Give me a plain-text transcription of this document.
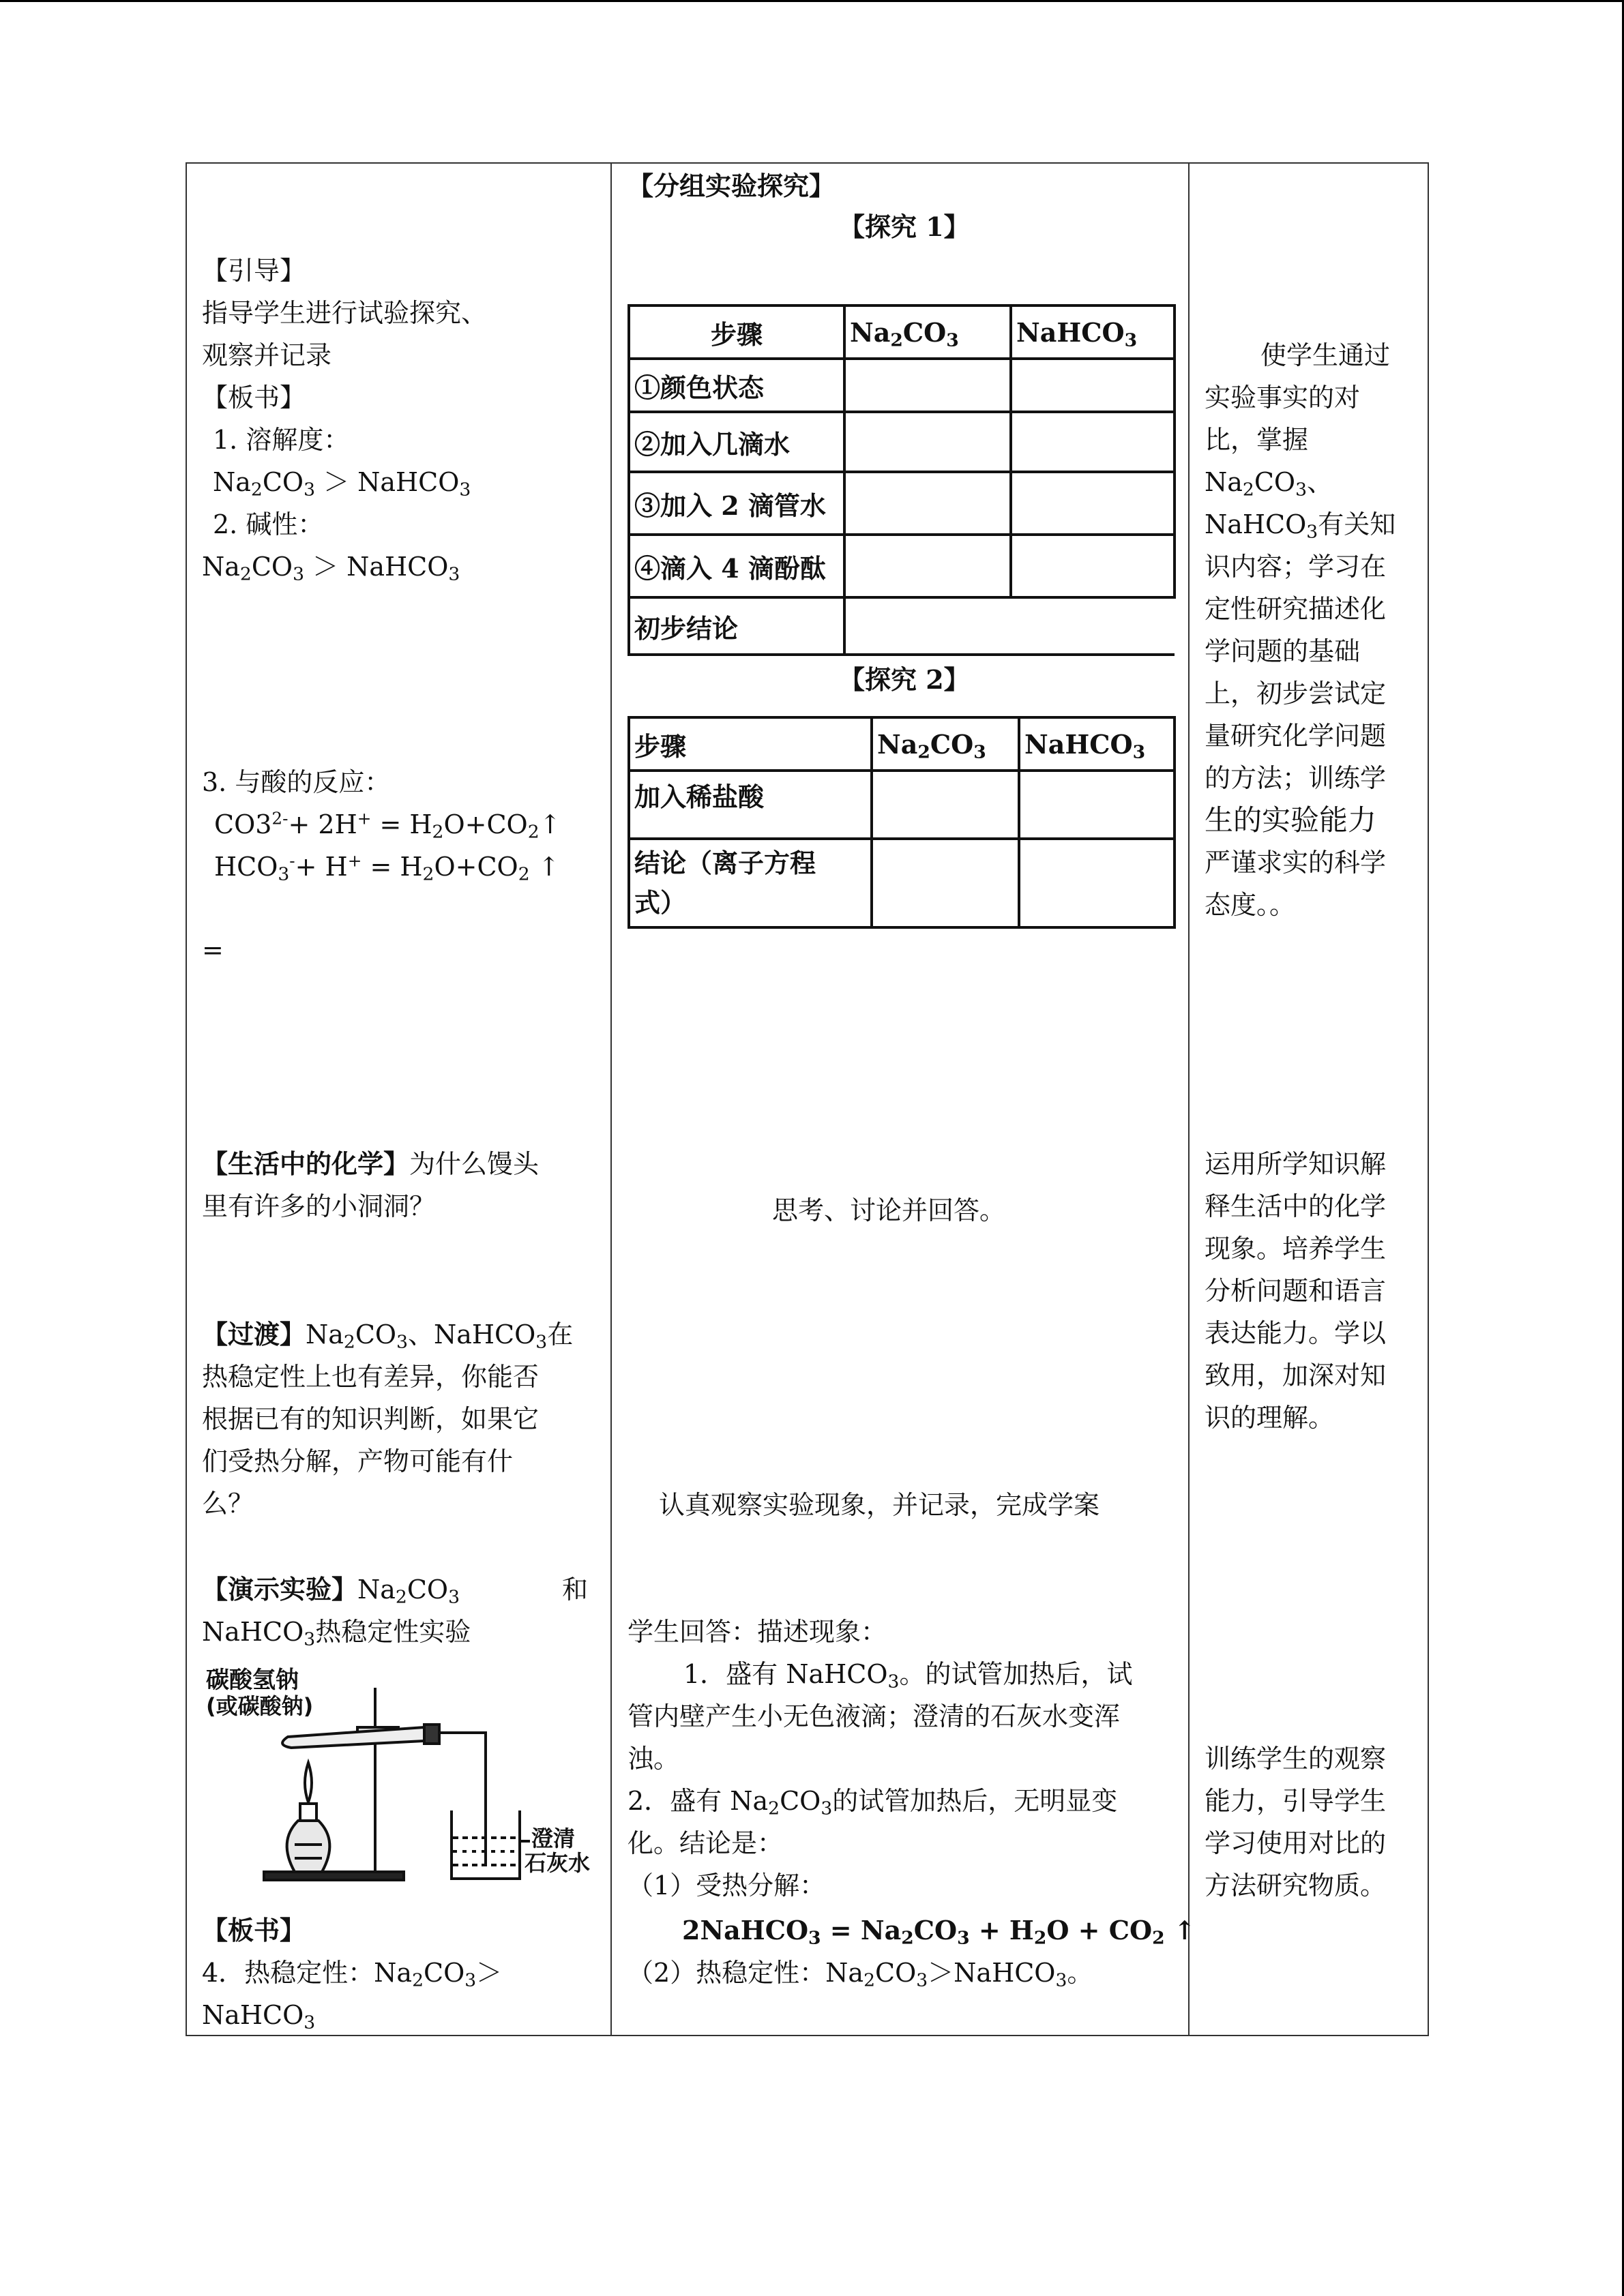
【引导】
指导学生进行试验探究、
观察并记录
【板书】
1. 溶解度：
$Na_2CO_3$ ＞ NaHCO$_3$
2. 碱性：
$Na_2CO_3$ ＞ NaHCO$_3$
3. 与酸的反应：
$CO3^{2-}+ 2H^+$ = $H_2O+CO_2↑$
$HCO_3^-+ H^+ = H_2O+CO_2$ ↑
=
【生活中的化学】为什么馒头
里有许多的小洞洞？
【过渡】$Na_2CO_3$、NaHCO$_3$在
热稳定性上也有差异，你能否
根据已有的知识判断，如果它
们受热分解，产物可能有什
么？
【演示实验】$Na_2CO_3$	和
NaHCO$_3$热稳定性实验
碳酸氢钠
(或碳酸钠)
澄清
石灰水
【板书】
4．热稳定性：$Na_2CO_3>$
NaHCO$_3$
【分组实验探究】
【探究 1】
步骤	$Na_2CO_3$	NaHCO$_3$
①颜色状态		
②加入几滴水		
③加入 2 滴管水		
④滴入 4 滴酚酞		
初步结论		
【探究 2】
步骤	$Na_2CO_3$	NaHCO$_3$
加入稀盐酸		
结论（离子方程
式）		
思考、讨论并回答。
认真观察实验现象，并记录，完成学案
学生回答：描述现象：
1．盛有 NaHCO$_3$。的试管加热后，试
管内壁产生小无色液滴；澄清的石灰水变浑
浊。
2．盛有 $Na_2CO_3$的试管加热后，无明显变
化。结论是：
（1）受热分解：
2NaHCO$_3$ = $Na_2CO_3 + H_2O + CO_2$ ↑
（2）热稳定性：$Na_2CO_3>NaHCO_3$。
使学生通过
实验事实的对
比，掌握
$Na_2CO_3$、
NaHCO$_3$有关知
识内容；学习在
定性研究描述化
学问题的基础
上，初步尝试定
量研究化学问题
的方法；训练学
生的实验能力
严谨求实的科学
态度。。
运用所学知识解
释生活中的化学
现象。培养学生
分析问题和语言
表达能力。学以
致用，加深对知
识的理解。
训练学生的观察
能力，引导学生
学习使用对比的
方法研究物质。
